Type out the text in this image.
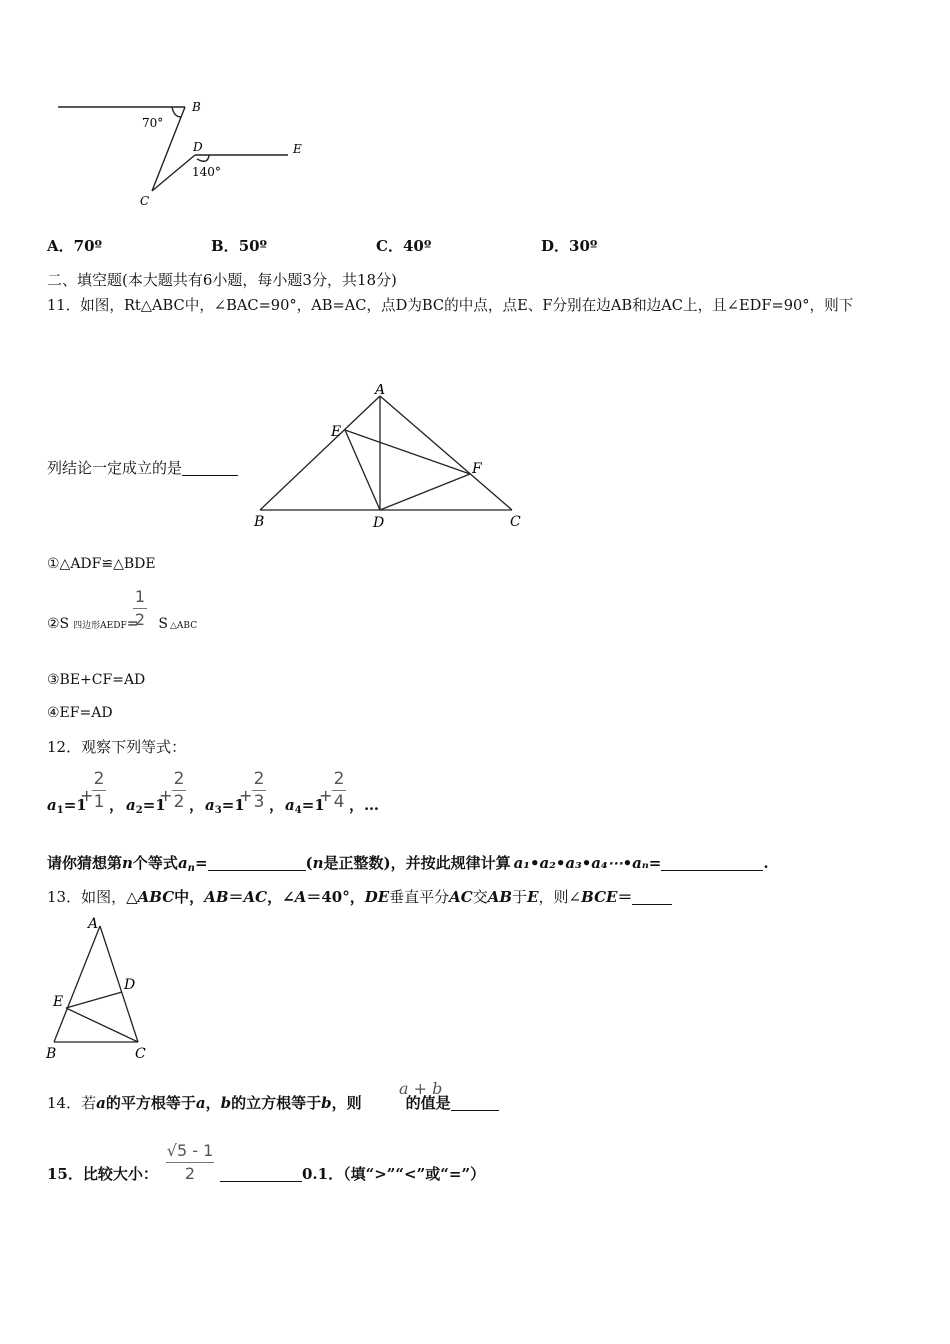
B
D	E
C
70°
140°
A．70º	B．50º	C．40º	D．30º
二、填空题(本大题共有6小题，每小题3分，共18分)
11．如图，Rt△ABC中，∠BAC=90°，AB=AC，点D为BC的中点，点E、F分别在边AB和边AC上，且∠EDF=90°，则下
列结论一定成立的是
A
E
F
B	D	C
①△ADF≌△BDE
②S 四边形AEDF= S △ABC
1
2
③BE+CF=AD
④EF=AD
12．观察下列等式：
$a_1=1$
+
2
1 ， $a_2=1$
+
2
2 ， $a_3=1$
+
2
3 ， $a_4=1$
+
2
4 ，…
请你猜想第n个等式$a_n=$	(n是正整数)，并按此规律计算 a₁•a₂•a₃•a₄⋯•aₙ=	.
13．如图，△ABC中，AB＝AC，∠A＝40°，DE垂直平分AC交AB于E，则∠BCE＝
A
D
E
B	C
14．若a的平方根等于a，b的立方根等于b，则	的值是
a + b
15．比较大小：
√5 - 1
2	0.1．（填“>”“<”或“=”）
